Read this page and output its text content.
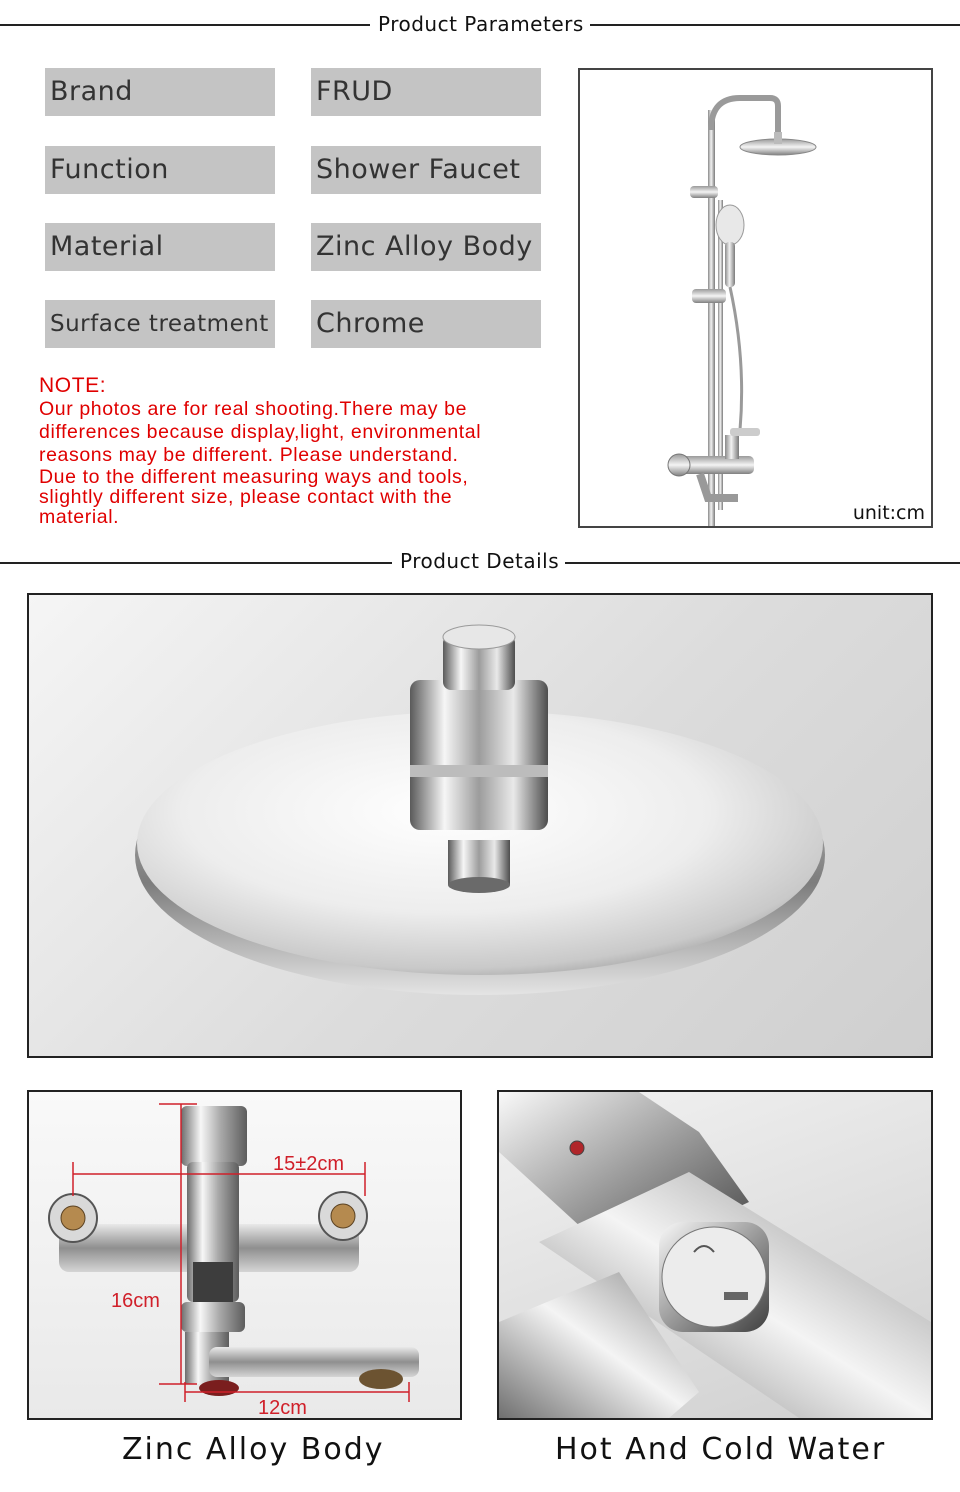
Product Parameters
Brand	FRUD
Function	Shower Faucet
Material	Zinc Alloy Body
Surface treatment Chrome
NOTE:
Our photos are for real shooting.There may be
differences because display,light, environmental
reasons may be different. Please understand.
Due to the different measuring ways and tools,
slightly different size, please contact with the
material.	unit:cm
Product Details
15±2cm
16cm
12cm
Zinc Alloy Body	Hot And Cold Water
